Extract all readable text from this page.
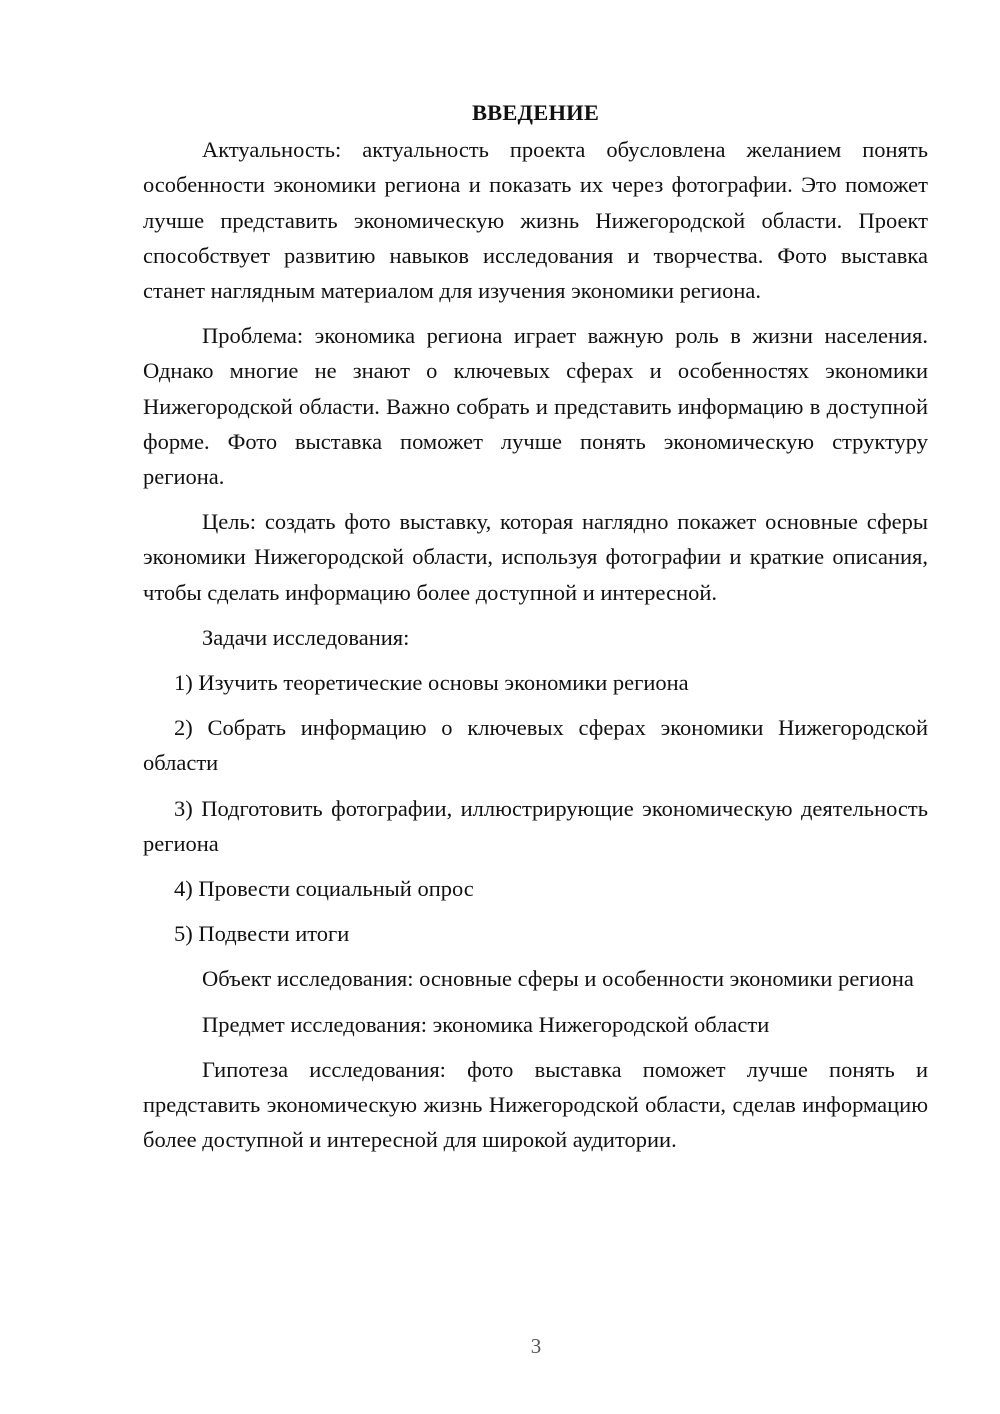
ВВЕДЕНИЕ

Актуальность: актуальность проекта обусловлена желанием понять особенности экономики региона и показать их через фотографии. Это поможет лучше представить экономическую жизнь Нижегородской области. Проект способствует развитию навыков исследования и творчества. Фото выставка станет наглядным материалом для изучения экономики региона.

Проблема: экономика региона играет важную роль в жизни населения. Однако многие не знают о ключевых сферах и особенностях экономики Нижегородской области. Важно собрать и представить информацию в доступной форме. Фото выставка поможет лучше понять экономическую структуру региона.

Цель: создать фото выставку, которая наглядно покажет основные сферы экономики Нижегородской области, используя фотографии и краткие описания, чтобы сделать информацию более доступной и интересной.

Задачи исследования:

1) Изучить теоретические основы экономики региона

2) Собрать информацию о ключевых сферах экономики Нижегородской области

3) Подготовить фотографии, иллюстрирующие экономическую деятельность региона

4) Провести социальный опрос

5) Подвести итоги

Объект исследования: основные сферы и особенности экономики региона

Предмет исследования: экономика Нижегородской области

Гипотеза исследования: фото выставка поможет лучше понять и представить экономическую жизнь Нижегородской области, сделав информацию более доступной и интересной для широкой аудитории.

3
